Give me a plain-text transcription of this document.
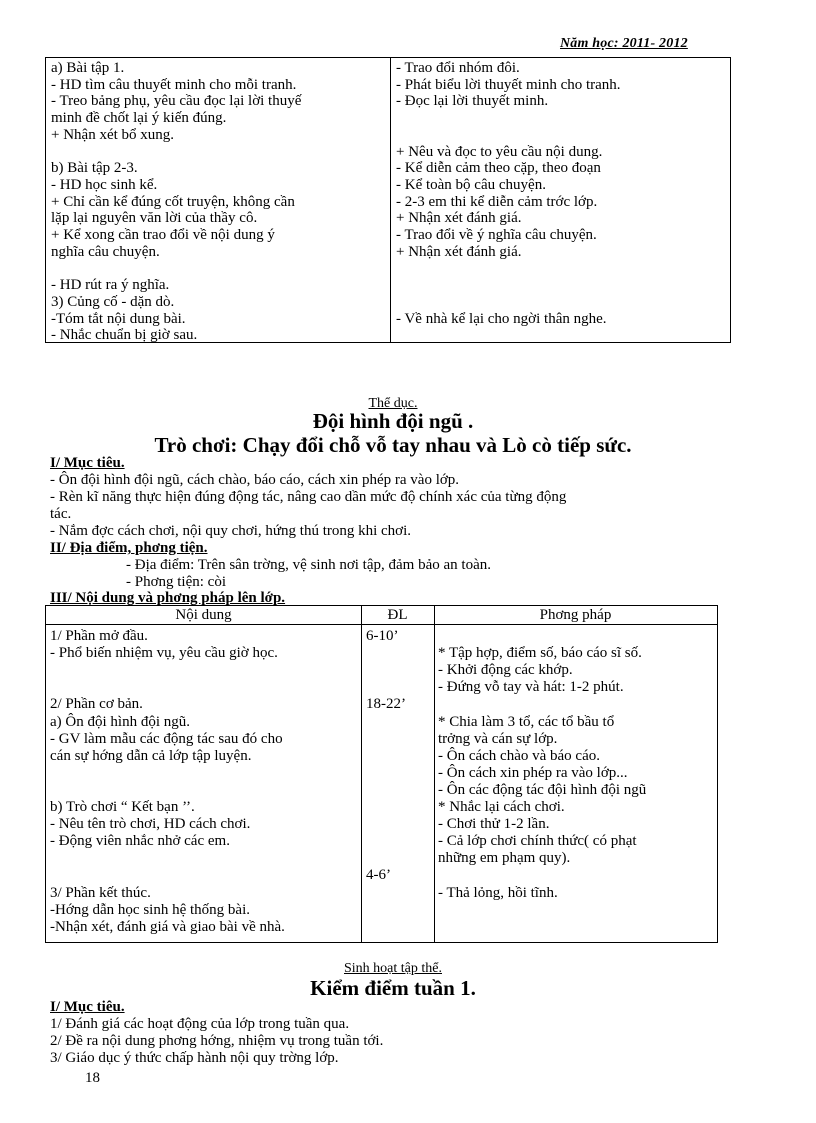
Năm học: 2011- 2012
a) Bài tập 1.
- HD tìm câu thuyết minh cho mỗi tranh.
- Treo bảng phụ, yêu cầu đọc lại lời thuyế
minh đề chốt lại ý kiến đúng.
+ Nhận xét bổ xung.
b) Bài tập 2-3.
- HD học sinh kể.
+ Chỉ cần kể đúng cốt truyện, không cần
lặp lại nguyên văn lời của thầy cô.
+ Kể xong cần trao đổi về nội dung ý
nghĩa câu chuyện.
- HD rút ra ý nghĩa.
3) Củng cố - dặn dò.
-Tóm tắt nội dung bài.
- Nhắc chuẩn bị giờ sau.
- Trao đổi nhóm đôi.
- Phát biểu lời thuyết minh cho tranh.
- Đọc lại lời thuyết minh.
+ Nêu và đọc to yêu cầu nội dung.
- Kể diễn cảm theo cặp, theo đoạn
- Kể toàn bộ câu chuyện.
- 2-3 em thi kể diễn cảm trớc lớp.
+ Nhận xét đánh giá.
- Trao đổi về ý nghĩa câu chuyện.
+ Nhận xét đánh giá.
- Về nhà kể lại cho ngời thân nghe.
Thể dục.
Đội hình đội ngũ .
Trò chơi: Chạy đổi chỗ vỗ tay nhau và Lò cò tiếp sức.
I/ Mục tiêu.
- Ôn đội hình đội ngũ, cách chào, báo cáo, cách xin phép ra vào lớp.
- Rèn kĩ năng thực hiện đúng động tác, nâng cao dần mức độ chính xác của từng động
tác.
- Nắm đợc cách chơi, nội quy chơi, hứng thú trong khi chơi.
II/ Địa điểm, phơng tiện.
- Địa điểm: Trên sân trờng, vệ sinh nơi tập, đảm bảo an toàn.
- Phơng tiện: còi
III/ Nội dung và phơng pháp lên lớp.
Nội dung	ĐL	Phơng pháp
1/ Phần mở đầu.
- Phổ biến nhiệm vụ, yêu cầu giờ học.
2/ Phần cơ bản.
a) Ôn đội hình đội ngũ.
- GV làm mẫu các động tác sau đó cho
cán sự hớng dẫn cả lớp tập luyện.
b) Trò chơi “ Kết bạn ’’.
- Nêu tên trò chơi, HD cách chơi.
- Động viên nhắc nhở các em.
3/ Phần kết thúc.
-Hớng dẫn học sinh hệ thống bài.
-Nhận xét, đánh giá và giao bài về nhà.
6-10’
18-22’
4-6’
* Tập hợp, điểm số, báo cáo sĩ số.
- Khởi động các khớp.
- Đứng vỗ tay và hát: 1-2 phút.
* Chia làm 3 tổ, các tổ bầu tổ
trởng và cán sự lớp.
- Ôn cách chào và báo cáo.
- Ôn cách xin phép ra vào lớp...
- Ôn các động tác đội hình đội ngũ
* Nhắc lại cách chơi.
- Chơi thử 1-2 lần.
- Cả lớp chơi chính thức( có phạt
những em phạm quy).
- Thả lỏng, hồi tĩnh.
Sinh hoạt tập thể.
Kiểm điểm tuần 1.
I/ Mục tiêu.
1/ Đánh giá các hoạt động của lớp trong tuần qua.
2/ Đề ra nội dung phơng hớng, nhiệm vụ trong tuần tới.
3/ Giáo dục ý thức chấp hành nội quy trờng lớp.
18
